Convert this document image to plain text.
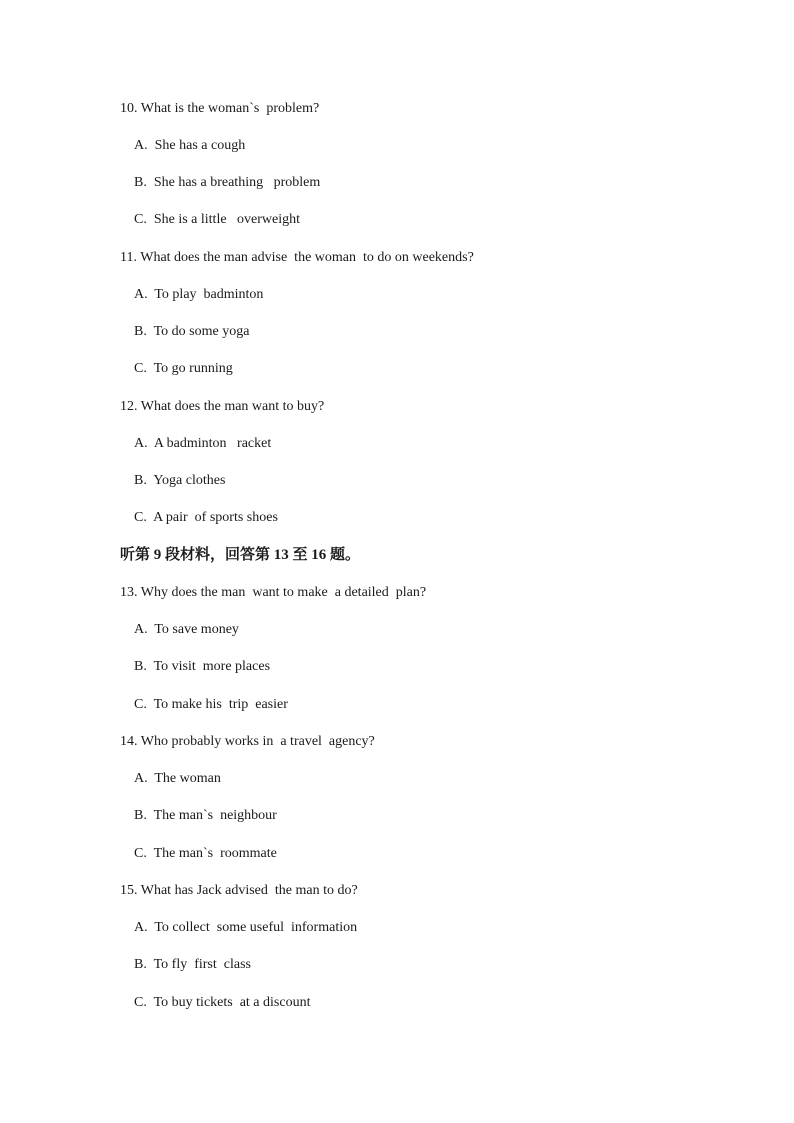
10. What is the woman`s  problem?
A.  She has a cough
B.  She has a breathing   problem
C.  She is a little   overweight
11. What does the man advise  the woman  to do on weekends?
A.  To play  badminton
B.  To do some yoga
C.  To go running
12. What does the man want to buy?
A.  A badminton   racket
B.  Yoga clothes
C.  A pair  of sports shoes
听第 9 段材料，回答第 13 至 16 题。
13. Why does the man  want to make  a detailed  plan?
A.  To save money
B.  To visit  more places
C.  To make his  trip  easier
14. Who probably works in  a travel  agency?
A.  The woman
B.  The man`s  neighbour
C.  The man`s  roommate
15. What has Jack advised  the man to do?
A.  To collect  some useful  information
B.  To fly  first  class
C.  To buy tickets  at a discount
